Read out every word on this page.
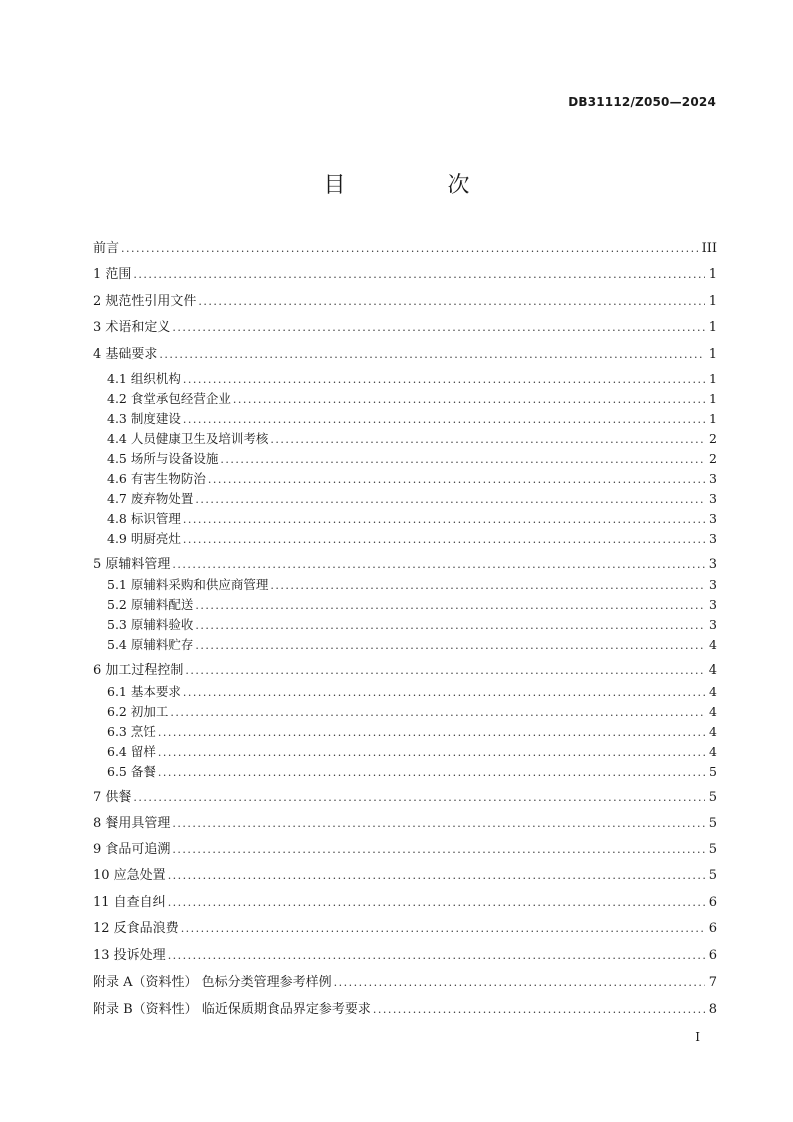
DB31112/Z050—2024
目　次
前言 .....	III
1 范围 .....	1
2 规范性引用文件 .....	1
3 术语和定义 .....	1
4 基础要求 .....	1
4.1 组织机构 .....	1
4.2 食堂承包经营企业 .....	1
4.3 制度建设 .....	1
4.4 人员健康卫生及培训考核 .....	2
4.5 场所与设备设施 .....	2
4.6 有害生物防治 .....	3
4.7 废弃物处置 .....	3
4.8 标识管理 .....	3
4.9 明厨亮灶 .....	3
5 原辅料管理 .....	3
5.1 原辅料采购和供应商管理 .....	3
5.2 原辅料配送 .....	3
5.3 原辅料验收 .....	3
5.4 原辅料贮存 .....	4
6 加工过程控制 .....	4
6.1 基本要求 .....	4
6.2 初加工 .....	4
6.3 烹饪 .....	4
6.4 留样 .....	4
6.5 备餐 .....	5
7 供餐 .....	5
8 餐用具管理 .....	5
9 食品可追溯 .....	5
10 应急处置 .....	5
11 自查自纠 .....	6
12 反食品浪费 .....	6
13 投诉处理 .....	6
附录 A（资料性） 色标分类管理参考样例 .....	7
附录 B（资料性） 临近保质期食品界定参考要求 .....	8
I
